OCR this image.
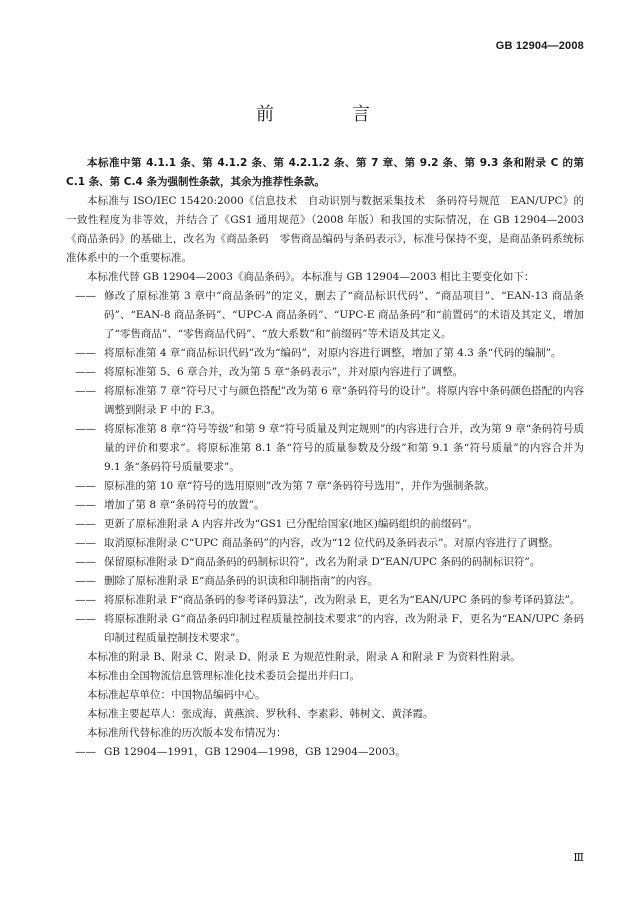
GB 12904—2008
前　言

本标准中第 4.1.1 条、第 4.1.2 条、第 4.2.1.2 条、第 7 章、第 9.2 条、第 9.3 条和附录 C 的第 C.1 条、第 C.4 条为强制性条款，其余为推荐性条款。

本标准与 ISO/IEC 15420:2000《信息技术　自动识别与数据采集技术　条码符号规范　EAN/UPC》的一致性程度为非等效，并结合了《GS1 通用规范》（2008 年版）和我国的实际情况，在 GB 12904—2003《商品条码》的基础上，改名为《商品条码　零售商品编码与条码表示》，标准号保持不变，是商品条码系统标准体系中的一个重要标准。

本标准代替 GB 12904—2003《商品条码》。本标准与 GB 12904—2003 相比主要变化如下：

—— 修改了原标准第 3 章中“商品条码”的定义，删去了“商品标识代码”、“商品项目”、“EAN-13 商品条码”、“EAN-8 商品条码”、“UPC-A 商品条码”、“UPC-E 商品条码”和“前置码”的术语及其定义，增加了“零售商品”、“零售商品代码”、“放大系数”和“前缀码”等术语及其定义。
—— 将原标准第 4 章“商品标识代码”改为“编码”，对原内容进行调整，增加了第 4.3 条“代码的编制”。
—— 将原标准第 5、6 章合并，改为第 5 章“条码表示”，并对原内容进行了调整。
—— 将原标准第 7 章“符号尺寸与颜色搭配”改为第 6 章“条码符号的设计”。将原内容中条码颜色搭配的内容调整到附录 F 中的 F.3。
—— 将原标准第 8 章“符号等级”和第 9 章“符号质量及判定规则”的内容进行合并，改为第 9 章“条码符号质量的评价和要求”。将原标准第 8.1 条“符号的质量参数及分级”和第 9.1 条“符号质量”的内容合并为 9.1 条“条码符号质量要求”。
—— 原标准的第 10 章“符号的选用原则”改为第 7 章“条码符号选用”，并作为强制条款。
—— 增加了第 8 章“条码符号的放置”。
—— 更新了原标准附录 A 内容并改为“GS1 已分配给国家(地区)编码组织的前缀码”。
—— 取消原标准附录 C“UPC 商品条码”的内容，改为“12 位代码及条码表示”。对原内容进行了调整。
—— 保留原标准附录 D“商品条码的码制标识符”，改名为附录 D“EAN/UPC 条码的码制标识符”。
—— 删除了原标准附录 E“商品条码的识读和印制指南”的内容。
—— 将原标准附录 F“商品条码的参考译码算法”，改为附录 E，更名为“EAN/UPC 条码的参考译码算法”。
—— 将原标准附录 G“商品条码印制过程质量控制技术要求”的内容，改为附录 F，更名为“EAN/UPC 条码印制过程质量控制技术要求”。

本标准的附录 B、附录 C、附录 D、附录 E 为规范性附录，附录 A 和附录 F 为资料性附录。

本标准由全国物流信息管理标准化技术委员会提出并归口。

本标准起草单位：中国物品编码中心。

本标准主要起草人：张成海、黄燕滨、罗秋科、李素彩、韩树文、黄泽霞。

本标准所代替标准的历次版本发布情况为：

—— GB 12904—1991，GB 12904—1998，GB 12904—2003。
Ⅲ
